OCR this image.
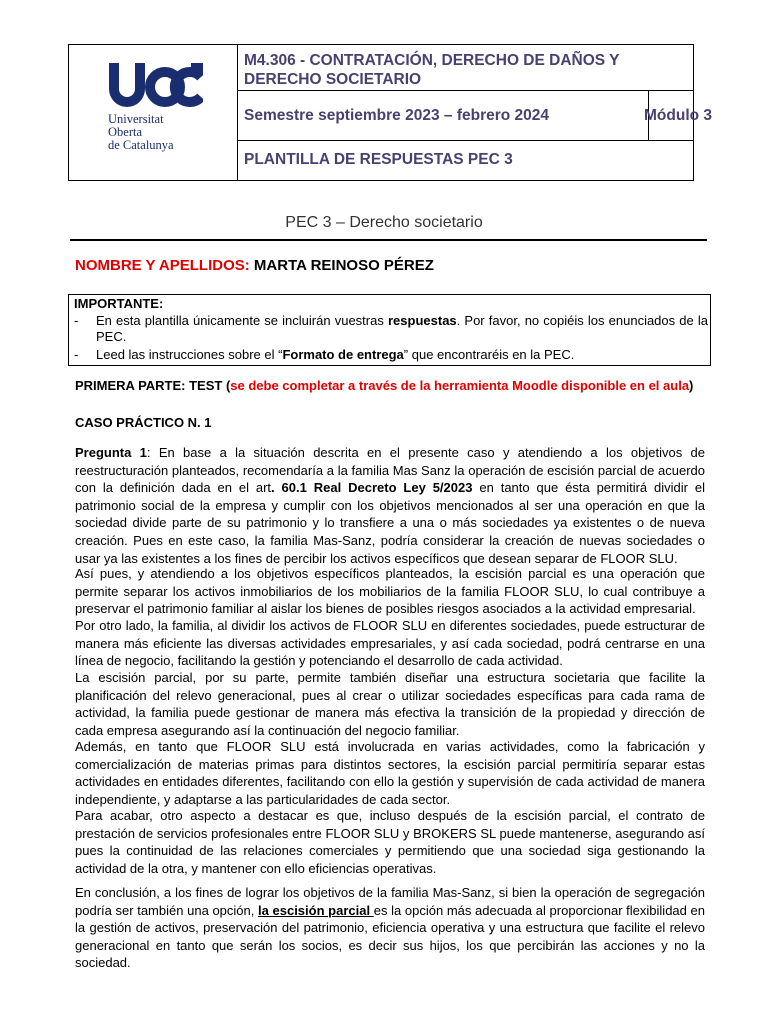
Universitat
Oberta
de Catalunya
M4.306 - CONTRATACIÓN, DERECHO DE DAÑOS Y
DERECHO SOCIETARIO
Semestre septiembre 2023 – febrero 2024	Módulo 3
PLANTILLA DE RESPUESTAS PEC 3
PEC 3 – Derecho societario
NOMBRE Y APELLIDOS: MARTA REINOSO PÉREZ
IMPORTANTE:
- En esta plantilla únicamente se incluirán vuestras respuestas. Por favor, no copiéis los enunciados de la PEC.
- Leed las instrucciones sobre el “Formato de entrega” que encontraréis en la PEC.
PRIMERA PARTE: TEST (se debe completar a través de la herramienta Moodle disponible en el aula)
CASO PRÁCTICO N. 1
Pregunta 1: En base a la situación descrita en el presente caso y atendiendo a los objetivos de reestructuración planteados, recomendaría a la familia Mas Sanz la operación de escisión parcial de acuerdo con la definición dada en el art. 60.1 Real Decreto Ley 5/2023 en tanto que ésta permitirá dividir el patrimonio social de la empresa y cumplir con los objetivos mencionados al ser una operación en que la sociedad divide parte de su patrimonio y lo transfiere a una o más sociedades ya existentes o de nueva creación. Pues en este caso, la familia Mas-Sanz, podría considerar la creación de nuevas sociedades o usar ya las existentes a los fines de percibir los activos específicos que desean separar de FLOOR SLU.
Así pues, y atendiendo a los objetivos específicos planteados, la escisión parcial es una operación que permite separar los activos inmobiliarios de los mobiliarios de la familia FLOOR SLU, lo cual contribuye a preservar el patrimonio familiar al aislar los bienes de posibles riesgos asociados a la actividad empresarial.
Por otro lado, la familia, al dividir los activos de FLOOR SLU en diferentes sociedades, puede estructurar de manera más eficiente las diversas actividades empresariales, y así cada sociedad, podrá centrarse en una línea de negocio, facilitando la gestión y potenciando el desarrollo de cada actividad.
La escisión parcial, por su parte, permite también diseñar una estructura societaria que facilite la planificación del relevo generacional, pues al crear o utilizar sociedades específicas para cada rama de actividad, la familia puede gestionar de manera más efectiva la transición de la propiedad y dirección de cada empresa asegurando así la continuación del negocio familiar.
Además, en tanto que FLOOR SLU está involucrada en varias actividades, como la fabricación y comercialización de materias primas para distintos sectores, la escisión parcial permitiría separar estas actividades en entidades diferentes, facilitando con ello la gestión y supervisión de cada actividad de manera independiente, y adaptarse a las particularidades de cada sector.
Para acabar, otro aspecto a destacar es que, incluso después de la escisión parcial, el contrato de prestación de servicios profesionales entre FLOOR SLU y BROKERS SL puede mantenerse, asegurando así pues la continuidad de las relaciones comerciales y permitiendo que una sociedad siga gestionando la actividad de la otra, y mantener con ello eficiencias operativas.
En conclusión, a los fines de lograr los objetivos de la familia Mas-Sanz, si bien la operación de segregación podría ser también una opción, la escisión parcial es la opción más adecuada al proporcionar flexibilidad en la gestión de activos, preservación del patrimonio, eficiencia operativa y una estructura que facilite el relevo generacional en tanto que serán los socios, es decir sus hijos, los que percibirán las acciones y no la sociedad.
